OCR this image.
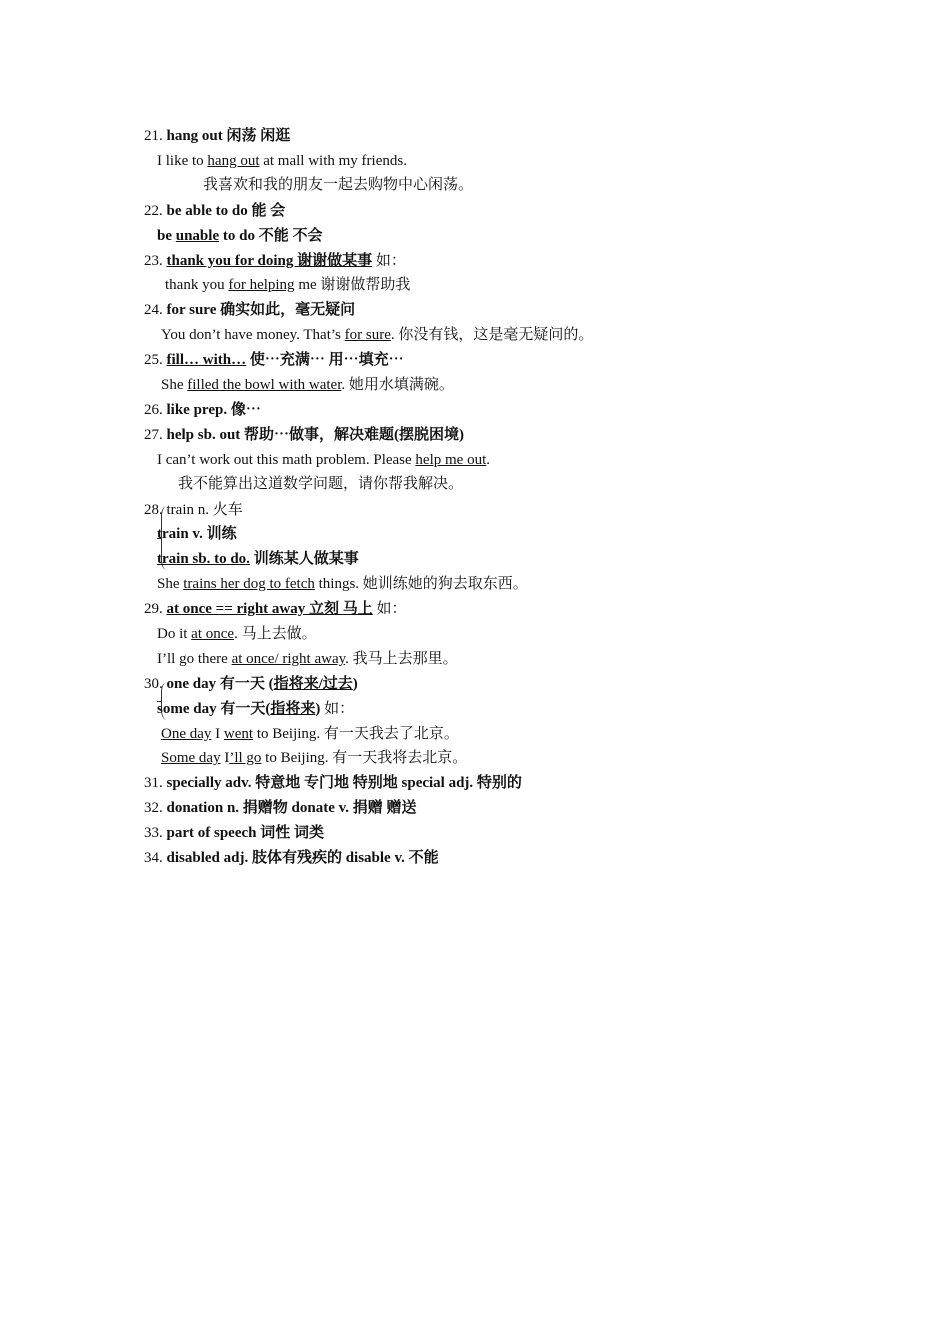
21. hang out 闲荡 闲逛
I like to hang out at mall with my friends.
我喜欢和我的朋友一起去购物中心闲荡。
22. be able to do 能 会
be unable to do 不能 不会
23. thank you for doing 谢谢做某事 如：
thank you for helping me 谢谢做帮助我
24. for sure 确实如此，毫无疑问
You don’t have money. That’s for sure. 你没有钱，这是毫无疑问的。
25. fill… with… 使⋯充满⋯ 用⋯填充⋯
She filled the bowl with water. 她用水填满碗。
26. like prep. 像⋯
27. help sb. out 帮助⋯做事，解决难题(摆脱困境)
I can’t work out this math problem. Please help me out.
我不能算出这道数学问题，请你帮我解决。
28. train n. 火车
train v. 训练
train sb. to do. 训练某人做某事
She trains her dog to fetch things. 她训练她的狗去取东西。
29. at once == right away 立刻 马上 如：
Do it at once. 马上去做。
I’ll go there at once/ right away. 我马上去那里。
30. one day 有一天 (指将来/过去)
some day 有一天(指将来) 如：
One day I went to Beijing. 有一天我去了北京。
Some day I’ll go to Beijing. 有一天我将去北京。
31. specially adv. 特意地 专门地 特别地 special adj. 特别的
32. donation n. 捐赠物 donate v. 捐赠 赠送
33. part of speech 词性 词类
34. disabled adj. 肢体有残疾的 disable v. 不能
